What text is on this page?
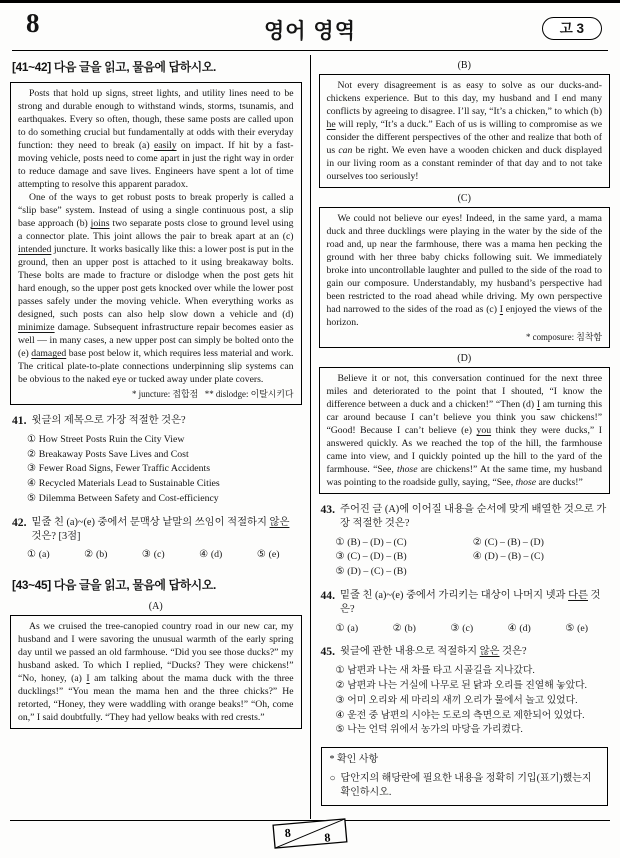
8	영어 영역	고 3
[41~42] 다음 글을 읽고, 물음에 답하시오.

Posts that hold up signs, street lights, and utility lines need to be strong and durable enough to withstand winds, storms, tsunamis, and earthquakes. Every so often, though, these same posts are called upon to do something crucial but fundamentally at odds with their everyday function: they need to break (a) easily on impact. If hit by a fast-moving vehicle, posts need to come apart in just the right way in order to reduce damage and save lives. Engineers have spent a lot of time attempting to resolve this apparent paradox.

One of the ways to get robust posts to break properly is called a “slip base” system. Instead of using a single continuous post, a slip base approach (b) joins two separate posts close to ground level using a connector plate. This joint allows the pair to break apart at an (c) intended juncture. It works basically like this: a lower post is put in the ground, then an upper post is attached to it using breakaway bolts. These bolts are made to fracture or dislodge when the post gets hit hard enough, so the upper post gets knocked over while the lower post passes safely under the moving vehicle. When everything works as designed, such posts can also help slow down a vehicle and (d) minimize damage. Subsequent infrastructure repair becomes easier as well — in many cases, a new upper post can simply be bolted onto the (e) damaged base post below it, which requires less material and work. The critical plate-to-plate connections underpinning slip systems can be obvious to the naked eye or tucked away under plate covers.

* juncture: 접합점   ** dislodge: 이탈시키다
41. 윗글의 제목으로 가장 적절한 것은?
① How Street Posts Ruin the City View
② Breakaway Posts Save Lives and Cost
③ Fewer Road Signs, Fewer Traffic Accidents
④ Recycled Materials Lead to Sustainable Cities
⑤ Dilemma Between Safety and Cost-efficiency
42. 밑줄 친 (a)~(e) 중에서 문맥상 낱말의 쓰임이 적절하지 않은 것은? [3점]
① (a)	② (b)	③ (c)	④ (d)	⑤ (e)
[43~45] 다음 글을 읽고, 물음에 답하시오.
(A)

As we cruised the tree-canopied country road in our new car, my husband and I were savoring the unusual warmth of the early spring day until we passed an old farmhouse. “Did you see those ducks?” my husband asked. To which I replied, “Ducks? They were chickens!” “No, honey, (a) I am talking about the mama duck with the three ducklings!” “You mean the mama hen and the three chicks?” He retorted, “Honey, they were waddling with orange beaks!” “Oh, come on,” I said doubtfully. “They had yellow beaks with red crests.”

(B)

Not every disagreement is as easy to solve as our ducks-and-chickens experience. But to this day, my husband and I end many conflicts by agreeing to disagree. I’ll say, “It’s a chicken,” to which (b) he will reply, “It’s a duck.” Each of us is willing to compromise as we consider the different perspectives of the other and realize that both of us can be right. We even have a wooden chicken and duck displayed in our living room as a constant reminder of that day and to not take ourselves too seriously!

(C)

We could not believe our eyes! Indeed, in the same yard, a mama duck and three ducklings were playing in the water by the side of the road and, up near the farmhouse, there was a mama hen pecking the ground with her three baby chicks following suit. We immediately broke into uncontrollable laughter and pulled to the side of the road to gain our composure. Understandably, my husband’s perspective had been restricted to the road ahead while driving. My own perspective had narrowed to the sides of the road as (c) I enjoyed the views of the horizon.

* composure: 침착함
(D)

Believe it or not, this conversation continued for the next three miles and deteriorated to the point that I shouted, “I know the difference between a duck and a chicken!” “Then (d) I am turning this car around because I can’t believe you think you saw chickens!” “Good! Because I can’t believe (e) you think they were ducks,” I answered quickly. As we reached the top of the hill, the farmhouse came into view, and I quickly pointed up the hill to the yard of the farmhouse. “See, those are chickens!” At the same time, my husband was pointing to the roadside gully, saying, “See, those are ducks!”

43. 주어진 글 (A)에 이어질 내용을 순서에 맞게 배열한 것으로 가장 적절한 것은?
① (B) – (D) – (C)	② (C) – (B) – (D)
③ (C) – (D) – (B)	④ (D) – (B) – (C)
⑤ (D) – (C) – (B)
44. 밑줄 친 (a)~(e) 중에서 가리키는 대상이 나머지 넷과 다른 것은?
① (a)	② (b)	③ (c)	④ (d)	⑤ (e)
45. 윗글에 관한 내용으로 적절하지 않은 것은?
① 남편과 나는 새 차를 타고 시골길을 지나갔다.
② 남편과 나는 거실에 나무로 된 닭과 오리를 진열해 놓았다.
③ 어미 오리와 세 마리의 새끼 오리가 물에서 놀고 있었다.
④ 운전 중 남편의 시야는 도로의 측면으로 제한되어 있었다.
⑤ 나는 언덕 위에서 농가의 마당을 가리켰다.
* 확인 사항
○ 답안지의 해당란에 필요한 내용을 정확히 기입(표기)했는지 확인하시오.
8	8
